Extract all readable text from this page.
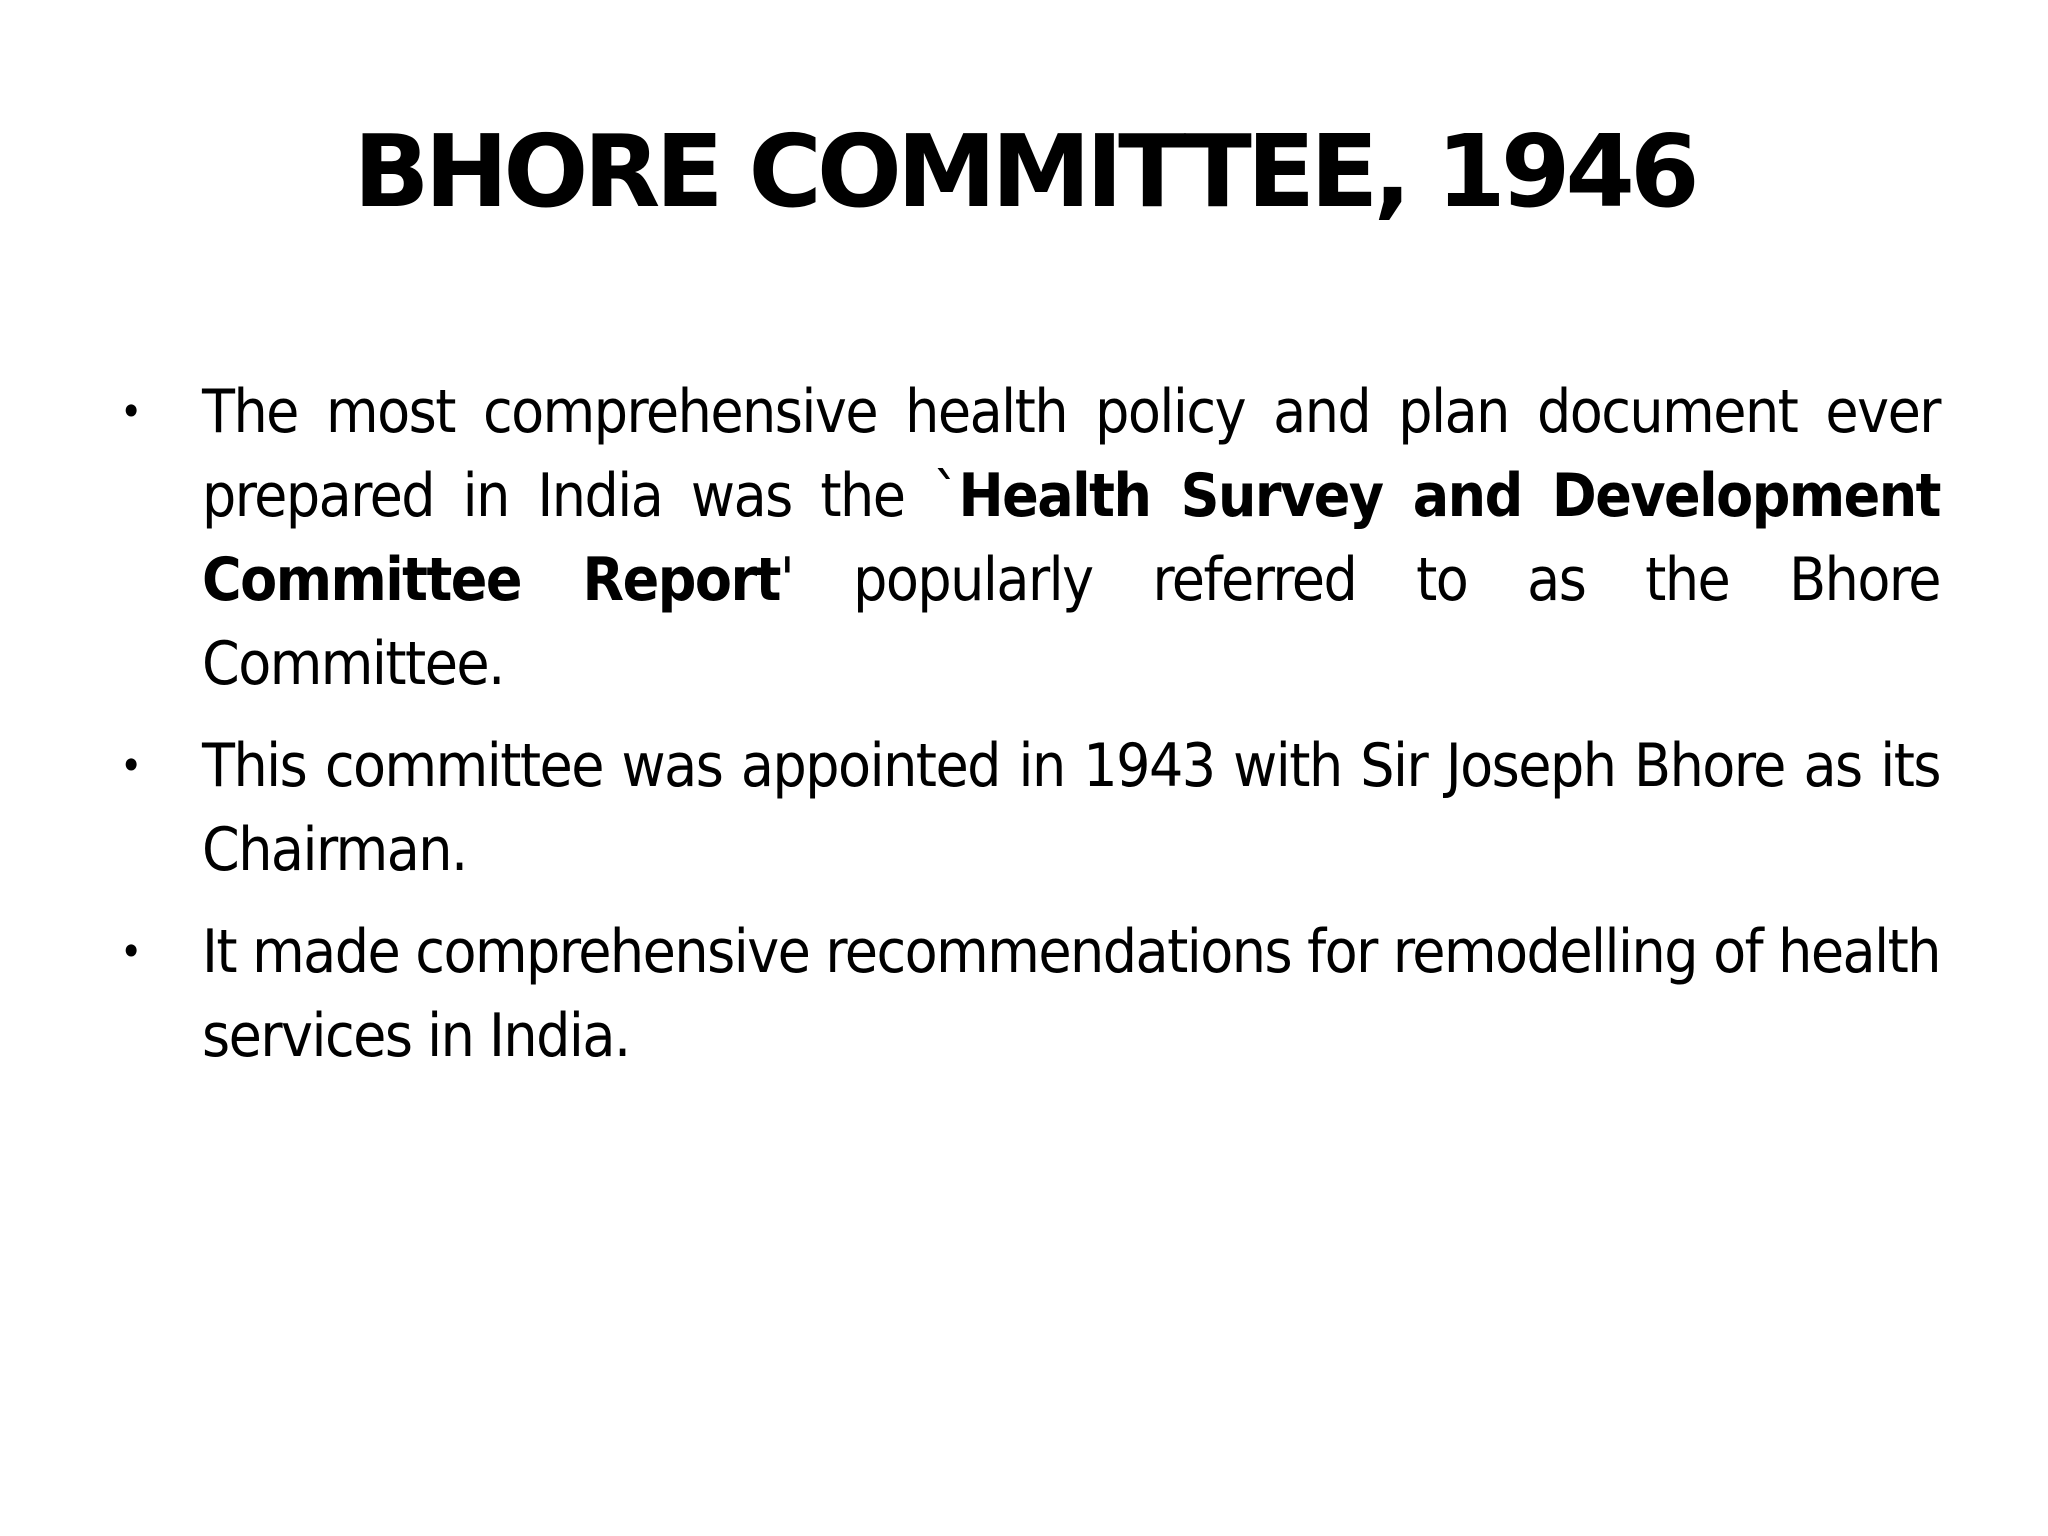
BHORE COMMITTEE, 1946
• The most comprehensive health policy and plan document ever prepared in India was the `Health Survey and Development Committee Report' popularly referred to as the Bhore Committee.
• This committee was appointed in 1943 with Sir Joseph Bhore as its Chairman.
• It made comprehensive recommendations for remodelling of health services in India.
